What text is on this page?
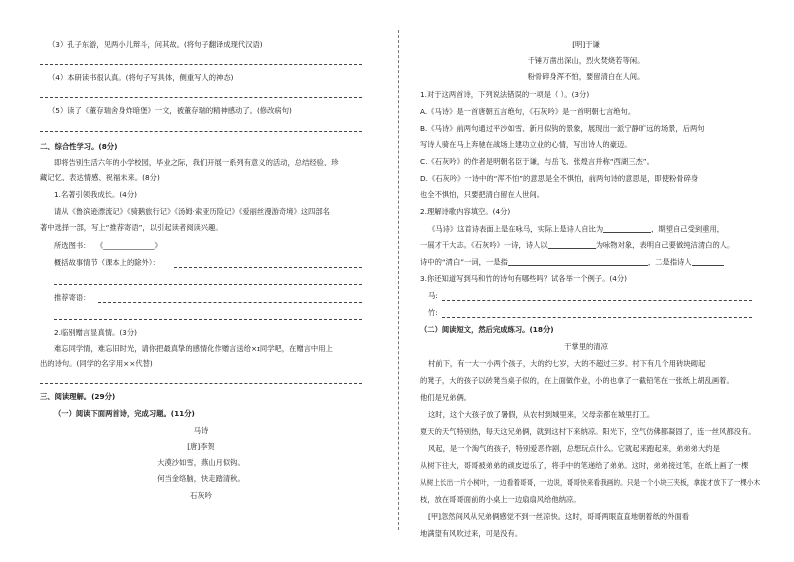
（3）孔子东游，见两小儿辩斗，问其故。(将句子翻译成现代汉语)
（4）本研读书很认真。(将句子写具体，侧重写人的神态)
（5）读了《董存瑞舍身炸暗堡》一文，被董存瑞的精神感动了。(修改病句)
二、综合性学习。(8分)
即将告别生活六年的小学校园，毕业之际，我们开展一系列有意义的活动，总结经验、珍
藏记忆、表达情感、祝福未来。(8分)
1.名著引领我成长。(4分)
请从《鲁滨逊漂流记》《骑鹅旅行记》《汤姆·索亚历险记》《爱丽丝漫游奇境》这四部名
著中选择一部，写上“推荐寄语”，以引起读者阅读兴趣。
所选图书： 《______________》
概括故事情节（课本上的除外）：
推荐寄语：
2.临别赠言显真情。(3分)
难忘同学情，难忘旧时光，请你把最真挚的感情化作赠言送给×ɪ同学吧，在赠言中用上
出的诗句。(同学的名字用××代替)
三、阅读理解。(29分)
（一）阅读下面两首诗，完成习题。(11分)
马诗
[唐]李贺
大漠沙如雪，燕山月似钩。
何当金络脑，快走踏清秋。
石灰吟
[明]于谦
千锤万凿出深山，烈火焚烧若等闲。
粉骨碎身浑不怕，要留清白在人间。
1.对于这两首诗，下列说法错误的一项是（ ）。(3分)
A.《马诗》是一首唐朝五言绝句，《石灰吟》是一首明朝七言绝句。
B.《马诗》前两句通过平沙如雪、新月似钩的景象，展现出一派宁静旷远的场景，后两句
写诗人骑在马上奔驰在战场上建功立业的心情，写出诗人的豪迈。
C.《石灰吟》的作者是明朝名臣于谦，与岳飞、张煌言并称“西湖三杰”。
D.《石灰吟》一诗中的“浑不怕”的意思是全不惧怕，前两句诗的意思是，即使粉骨碎身
也全不惧怕，只要把清白留在人世间。
2.理解诗歌内容填空。(4分)
《马诗》这首诗表面上是在咏马，实际上是诗人自比为	，期望自己受到重用，
一展才干大志。《石灰吟》一诗，诗人以	为咏物对象，表明自己要做纯洁清白的人。
诗中的“清白”一词，一是指	，二是指诗人
3.你还知道写到马和竹的诗句有哪些吗？试各举一个例子。(4分)
马:
竹:
（二）阅读短文，然后完成练习。(18分)
干掌里的清凉
村前下，有一大一小两个孩子，大的约七岁，大的不超过三岁。村下有几个用砖块砌起
的凳子，大的孩子以砖凳当桌子似的，在上面做作业，小的也拿了一截铅笔在一张纸上胡乱画着。
他们是兄弟俩。
这时，这个大孩子放了暑假，从农村到城里来，父母亲都在城里打工。
夏天的天气特别热，每天这兄弟俩，就到这村下来纳凉。阳光下，空气仿佛都凝固了，连一丝风都没有。
风起，是一个淘气的孩子，特别爱恶作剧，总想玩点什么。它就起来跑起来，弟弟弟大约是
从树下往大，哥哥被弟弟的顽皮逗乐了，将手中的笔递给了弟弟。这时，弟弟接过笔，在纸上画了一棵
从树上长出一片小树叶，一边看着哥哥，一边说，哥哥快来看我画的。只是一个小块三夹板，拿拢才放下了一棵小木
枝，放在哥哥面前的小桌上一边扇扇风给他纳凉。
[甲]忽然间风从兄弟俩感觉不到一丝凉快。这时，哥哥两眼直直地朝着纸的外面看
地满望有风吹过来，可是没有。
